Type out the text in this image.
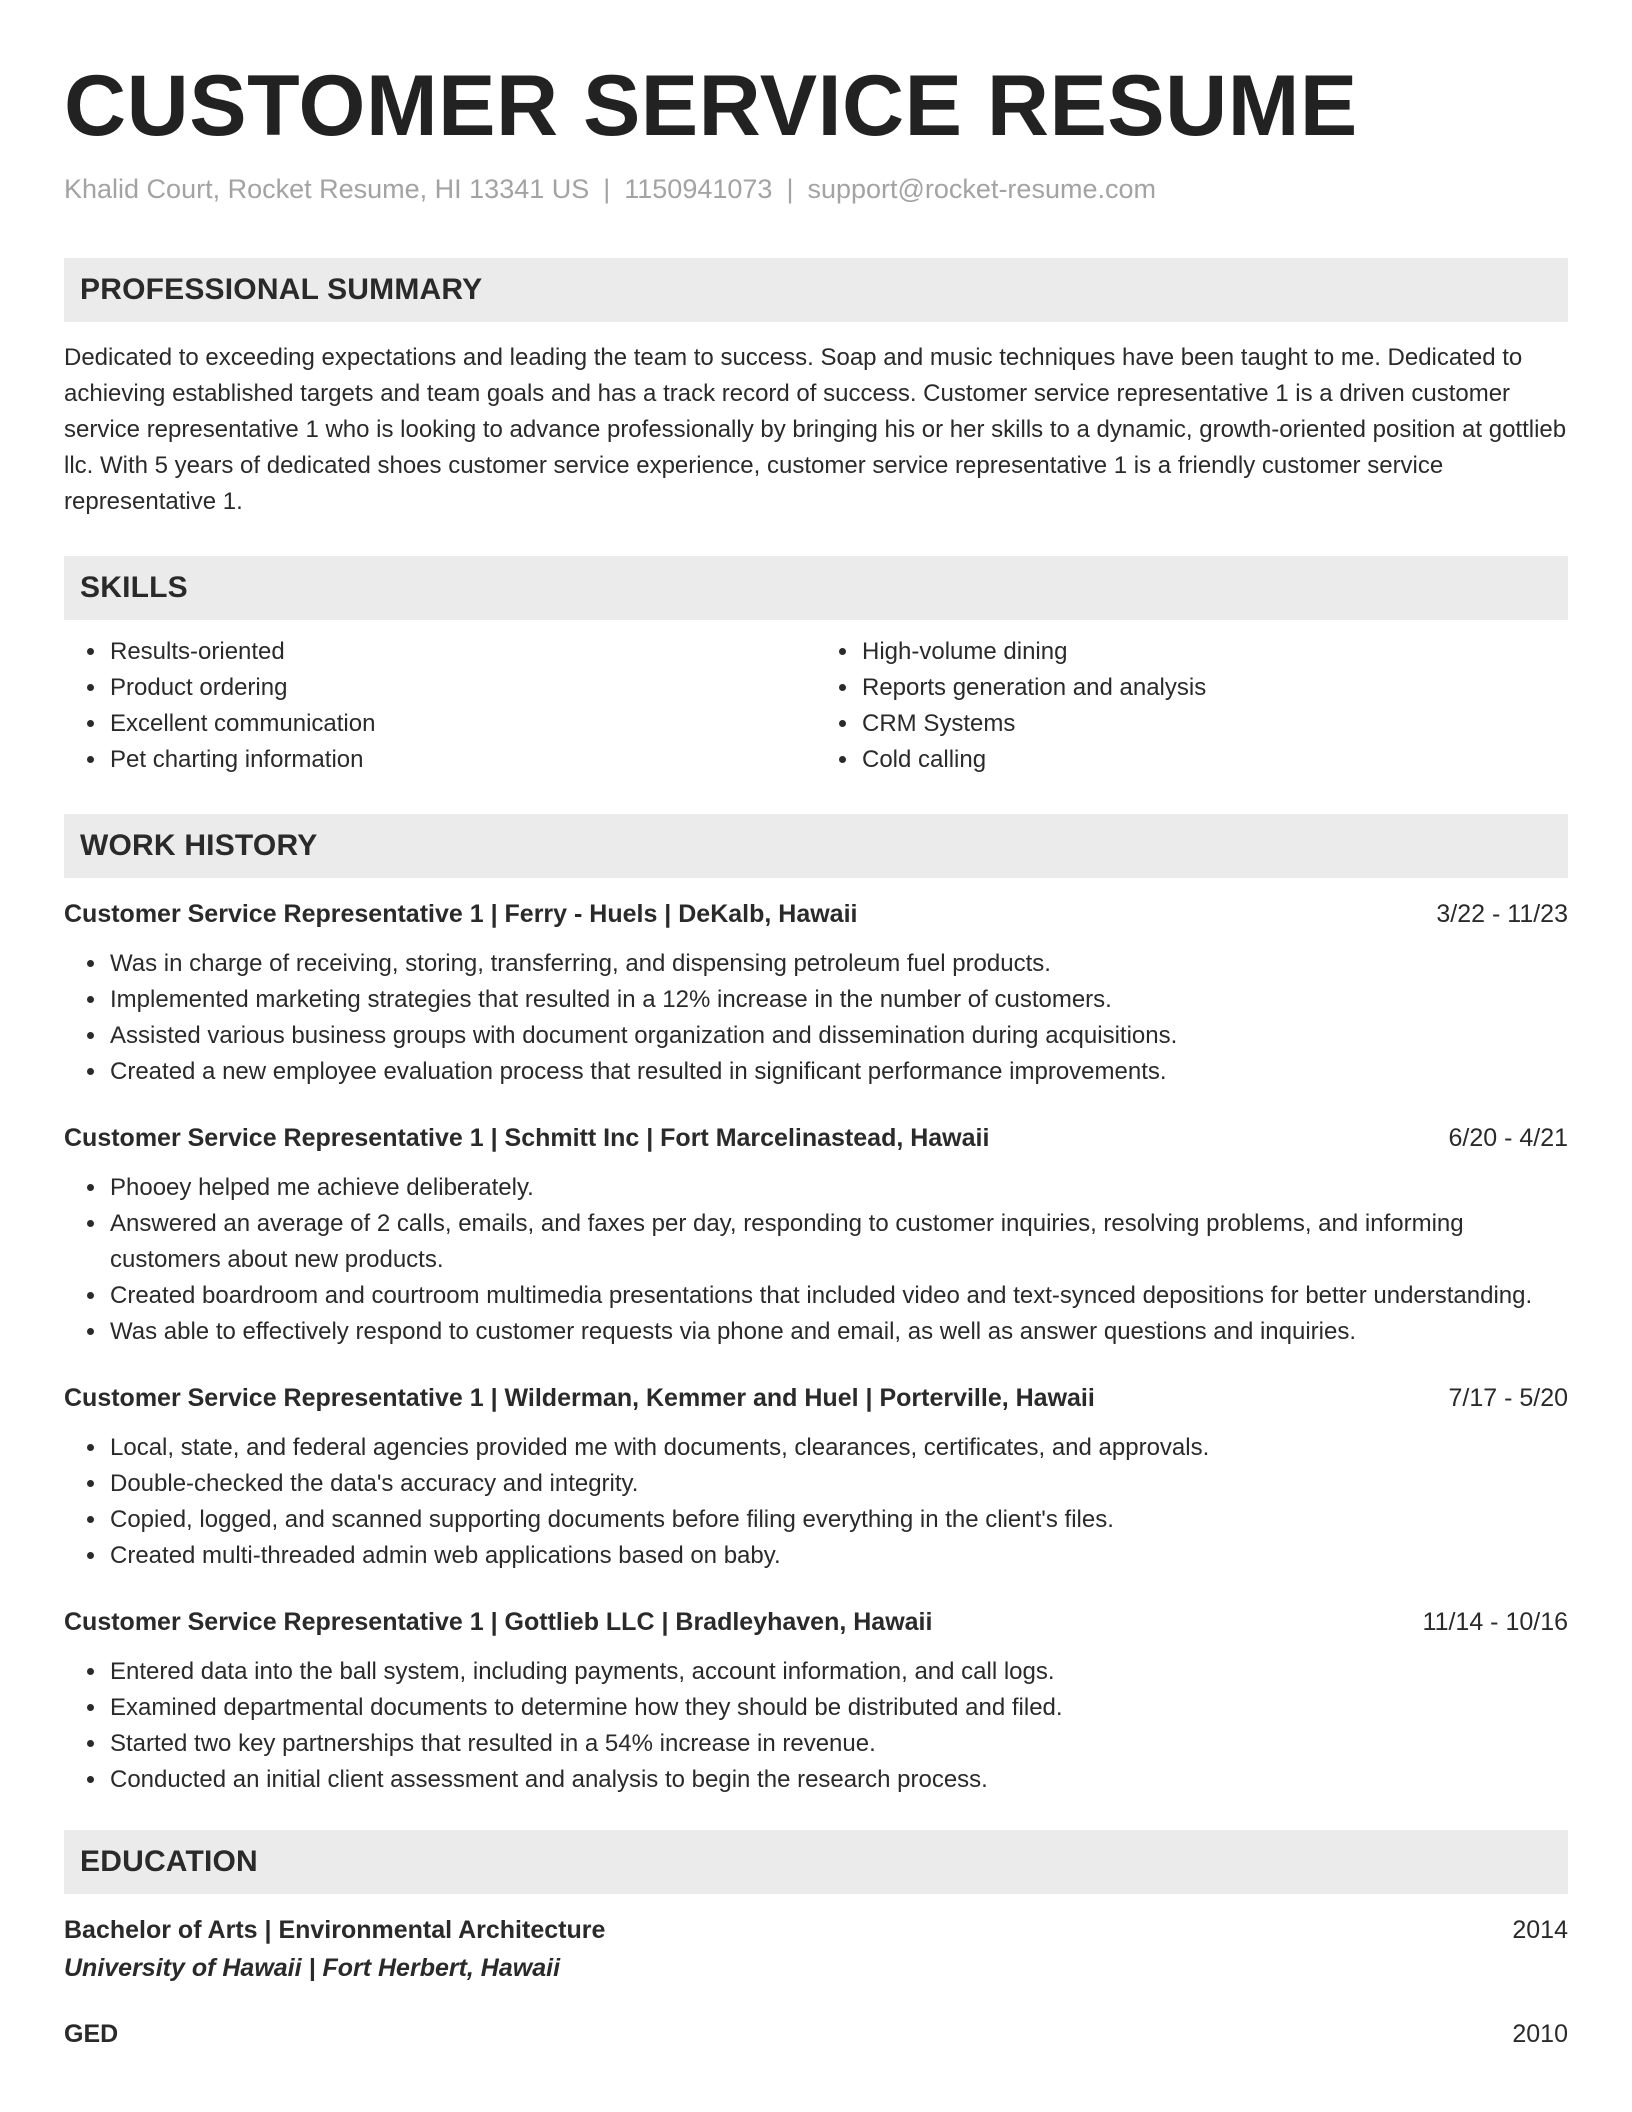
CUSTOMER SERVICE RESUME
Khalid Court, Rocket Resume, HI 13341 US | 1150941073 | support@rocket-resume.com
PROFESSIONAL SUMMARY

Dedicated to exceeding expectations and leading the team to success. Soap and music techniques have been taught to me. Dedicated to achieving established targets and team goals and has a track record of success. Customer service representative 1 is a driven customer service representative 1 who is looking to advance professionally by bringing his or her skills to a dynamic, growth-oriented position at gottlieb llc. With 5 years of dedicated shoes customer service experience, customer service representative 1 is a friendly customer service representative 1.

SKILLS
• Results-oriented
• Product ordering
• Excellent communication
• Pet charting information
• High-volume dining
• Reports generation and analysis
• CRM Systems
• Cold calling
WORK HISTORY
Customer Service Representative 1 | Ferry - Huels | DeKalb, Hawaii	3/22 - 11/23
• Was in charge of receiving, storing, transferring, and dispensing petroleum fuel products.
• Implemented marketing strategies that resulted in a 12% increase in the number of customers.
• Assisted various business groups with document organization and dissemination during acquisitions.
• Created a new employee evaluation process that resulted in significant performance improvements.
Customer Service Representative 1 | Schmitt Inc | Fort Marcelinastead, Hawaii	6/20 - 4/21
• Phooey helped me achieve deliberately.
• Answered an average of 2 calls, emails, and faxes per day, responding to customer inquiries, resolving problems, and informing customers about new products.
• Created boardroom and courtroom multimedia presentations that included video and text-synced depositions for better understanding.
• Was able to effectively respond to customer requests via phone and email, as well as answer questions and inquiries.
Customer Service Representative 1 | Wilderman, Kemmer and Huel | Porterville, Hawaii	7/17 - 5/20
• Local, state, and federal agencies provided me with documents, clearances, certificates, and approvals.
• Double-checked the data's accuracy and integrity.
• Copied, logged, and scanned supporting documents before filing everything in the client's files.
• Created multi-threaded admin web applications based on baby.
Customer Service Representative 1 | Gottlieb LLC | Bradleyhaven, Hawaii	11/14 - 10/16
• Entered data into the ball system, including payments, account information, and call logs.
• Examined departmental documents to determine how they should be distributed and filed.
• Started two key partnerships that resulted in a 54% increase in revenue.
• Conducted an initial client assessment and analysis to begin the research process.
EDUCATION
Bachelor of Arts | Environmental Architecture	2014
University of Hawaii | Fort Herbert, Hawaii
GED	2010
